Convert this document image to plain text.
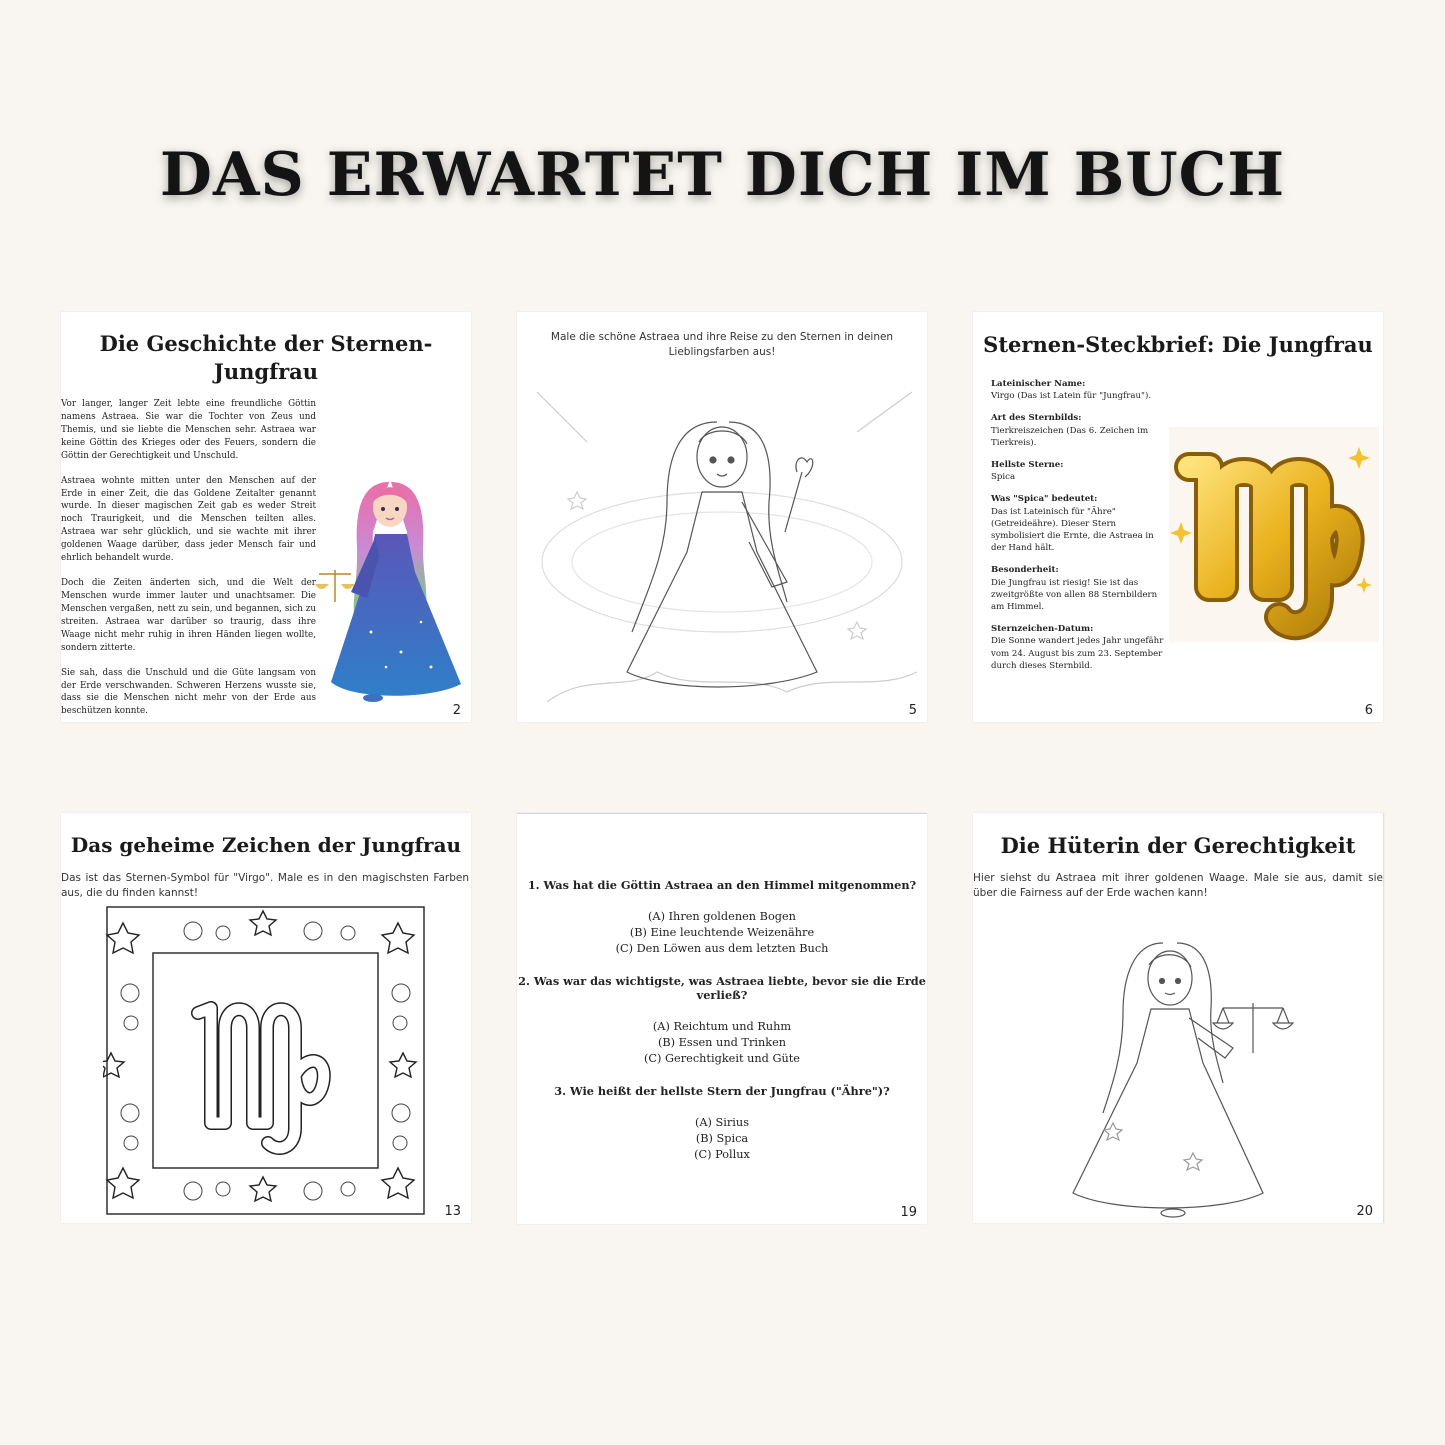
DAS ERWARTET DICH IM BUCH
Die Geschichte der Sternen-Jungfrau

Vor langer, langer Zeit lebte eine freundliche Göttin namens Astraea. Sie war die Tochter von Zeus und Themis, und sie liebte die Menschen sehr. Astraea war keine Göttin des Krieges oder des Feuers, sondern die Göttin der Gerechtigkeit und Unschuld.

Astraea wohnte mitten unter den Menschen auf der Erde in einer Zeit, die das Goldene Zeitalter genannt wurde. In dieser magischen Zeit gab es weder Streit noch Traurigkeit, und die Menschen teilten alles. Astraea war sehr glücklich, und sie wachte mit ihrer goldenen Waage darüber, dass jeder Mensch fair und ehrlich behandelt wurde.

Doch die Zeiten änderten sich, und die Welt der Menschen wurde immer lauter und unachtsamer. Die Menschen vergaßen, nett zu sein, und begannen, sich zu streiten. Astraea war darüber so traurig, dass ihre Waage nicht mehr ruhig in ihren Händen liegen wollte, sondern zitterte.

Sie sah, dass die Unschuld und die Güte langsam von der Erde verschwanden. Schweren Herzens wusste sie, dass sie die Menschen nicht mehr von der Erde aus beschützen konnte.	2
Male die schöne Astraea und ihre Reise zu den Sternen in deinen Lieblingsfarben aus!
5
Sternen-Steckbrief: Die Jungfrau
Lateinischer Name:
Virgo (Das ist Latein für "Jungfrau").
Art des Sternbilds:
Tierkreiszeichen (Das 6. Zeichen im Tierkreis).
Hellste Sterne:
Spica
Was "Spica" bedeutet:
Das ist Lateinisch für "Ähre" (Getreideähre). Dieser Stern symbolisiert die Ernte, die Astraea in der Hand hält.
Besonderheit:
Die Jungfrau ist riesig! Sie ist das zweitgrößte von allen 88 Sternbildern am Himmel.
Sternzeichen-Datum:
Die Sonne wandert jedes Jahr ungefähr vom 24. August bis zum 23. September durch dieses Sternbild.
6
Das geheime Zeichen der Jungfrau
Das ist das Sternen-Symbol für "Virgo". Male es in den magischsten Farben aus, die du finden kannst!
13

1. Was hat die Göttin Astraea an den Himmel mitgenommen?

(A) Ihren goldenen Bogen

(B) Eine leuchtende Weizenähre

(C) Den Löwen aus dem letzten Buch

2. Was war das wichtigste, was Astraea liebte, bevor sie die Erde verließ?

(A) Reichtum und Ruhm

(B) Essen und Trinken

(C) Gerechtigkeit und Güte

3. Wie heißt der hellste Stern der Jungfrau ("Ähre")?

(A) Sirius

(B) Spica

(C) Pollux

19
Die Hüterin der Gerechtigkeit
Hier siehst du Astraea mit ihrer goldenen Waage. Male sie aus, damit sie über die Fairness auf der Erde wachen kann!
20
